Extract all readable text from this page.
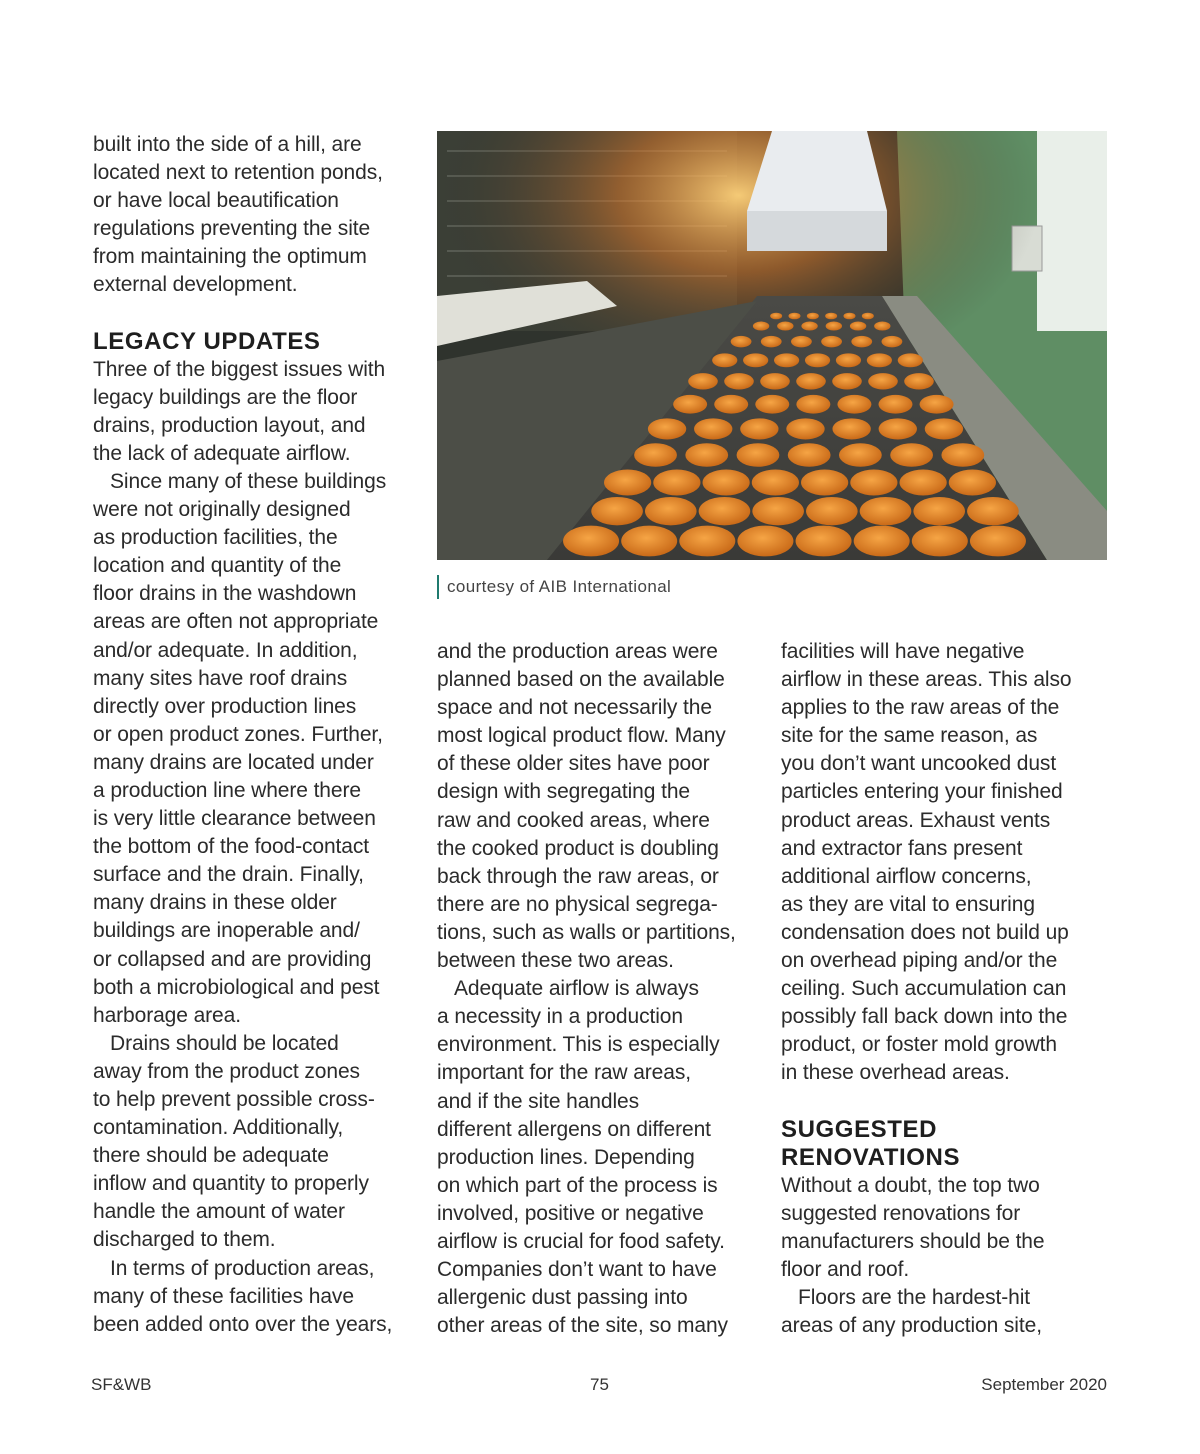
built into the side of a hill, are
located next to retention ponds,
or have local beautification
regulations preventing the site
from maintaining the optimum
external development.
LEGACY UPDATES
Three of the biggest issues with
legacy buildings are the floor
drains, production layout, and
the lack of adequate airflow.
Since many of these buildings
were not originally designed
as production facilities, the
location and quantity of the
floor drains in the washdown
areas are often not appropriate
and/or adequate. In addition,
many sites have roof drains
directly over production lines
or open product zones. Further,
many drains are located under
a production line where there
is very little clearance between
the bottom of the food-contact
surface and the drain. Finally,
many drains in these older
buildings are inoperable and/
or collapsed and are providing
both a microbiological and pest
harborage area.
Drains should be located
away from the product zones
to help prevent possible cross-
contamination. Additionally,
there should be adequate
inflow and quantity to properly
handle the amount of water
discharged to them.
In terms of production areas,
many of these facilities have
been added onto over the years,
courtesy of AIB International
and the production areas were
planned based on the available
space and not necessarily the
most logical product flow. Many
of these older sites have poor
design with segregating the
raw and cooked areas, where
the cooked product is doubling
back through the raw areas, or
there are no physical segrega-
tions, such as walls or partitions,
between these two areas.
Adequate airflow is always
a necessity in a production
environment. This is especially
important for the raw areas,
and if the site handles
different allergens on different
production lines. Depending
on which part of the process is
involved, positive or negative
airflow is crucial for food safety.
Companies don’t want to have
allergenic dust passing into
other areas of the site, so many
facilities will have negative
airflow in these areas. This also
applies to the raw areas of the
site for the same reason, as
you don’t want uncooked dust
particles entering your finished
product areas. Exhaust vents
and extractor fans present
additional airflow concerns,
as they are vital to ensuring
condensation does not build up
on overhead piping and/or the
ceiling. Such accumulation can
possibly fall back down into the
product, or foster mold growth
in these overhead areas.
SUGGESTED
RENOVATIONS
Without a doubt, the top two
suggested renovations for
manufacturers should be the
floor and roof.
Floors are the hardest-hit
areas of any production site,
SF&WB	75	September 2020
